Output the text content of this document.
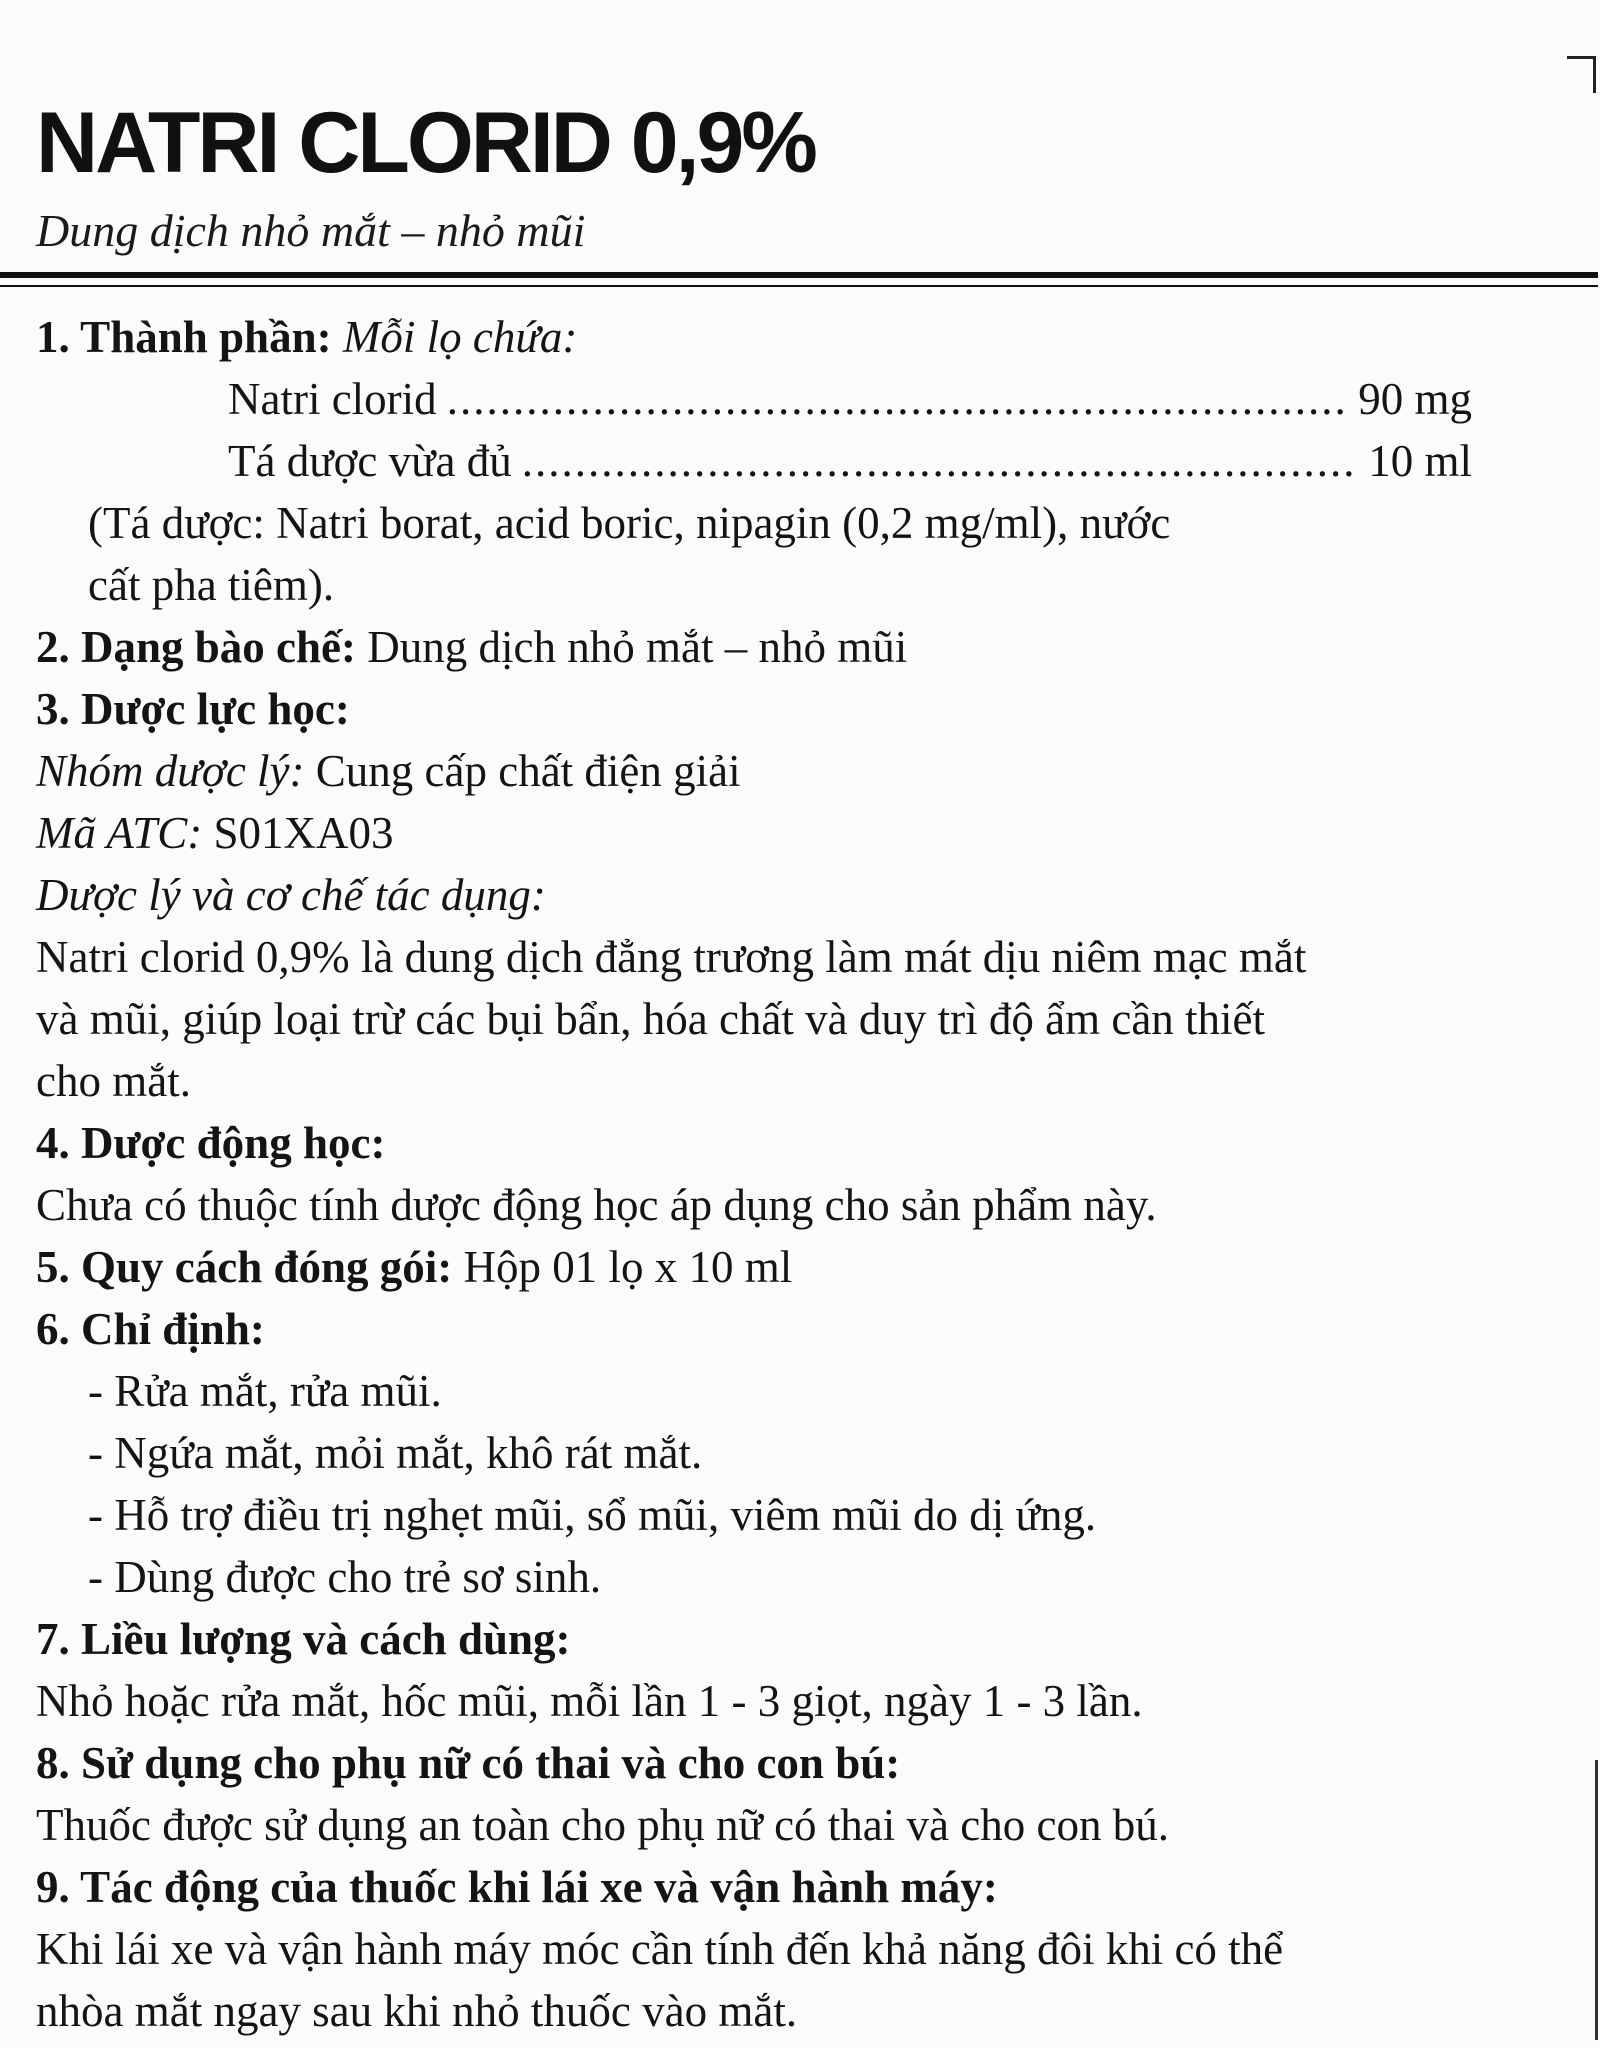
NATRI CLORID 0,9%
Dung dịch nhỏ mắt – nhỏ mũi
1. Thành phần: Mỗi lọ chứa:
Natri clorid .....	90 mg
Tá dược vừa đủ .....	10 ml
(Tá dược: Natri borat, acid boric, nipagin (0,2 mg/ml), nước
cất pha tiêm).
2. Dạng bào chế: Dung dịch nhỏ mắt – nhỏ mũi
3. Dược lực học:
Nhóm dược lý: Cung cấp chất điện giải
Mã ATC: S01XA03
Dược lý và cơ chế tác dụng:
Natri clorid 0,9% là dung dịch đẳng trương làm mát dịu niêm mạc mắt
và mũi, giúp loại trừ các bụi bẩn, hóa chất và duy trì độ ẩm cần thiết
cho mắt.
4. Dược động học:
Chưa có thuộc tính dược động học áp dụng cho sản phẩm này.
5. Quy cách đóng gói: Hộp 01 lọ x 10 ml
6. Chỉ định:
- Rửa mắt, rửa mũi.
- Ngứa mắt, mỏi mắt, khô rát mắt.
- Hỗ trợ điều trị nghẹt mũi, sổ mũi, viêm mũi do dị ứng.
- Dùng được cho trẻ sơ sinh.
7. Liều lượng và cách dùng:
Nhỏ hoặc rửa mắt, hốc mũi, mỗi lần 1 - 3 giọt, ngày 1 - 3 lần.
8. Sử dụng cho phụ nữ có thai và cho con bú:
Thuốc được sử dụng an toàn cho phụ nữ có thai và cho con bú.
9. Tác động của thuốc khi lái xe và vận hành máy:
Khi lái xe và vận hành máy móc cần tính đến khả năng đôi khi có thể
nhòa mắt ngay sau khi nhỏ thuốc vào mắt.
